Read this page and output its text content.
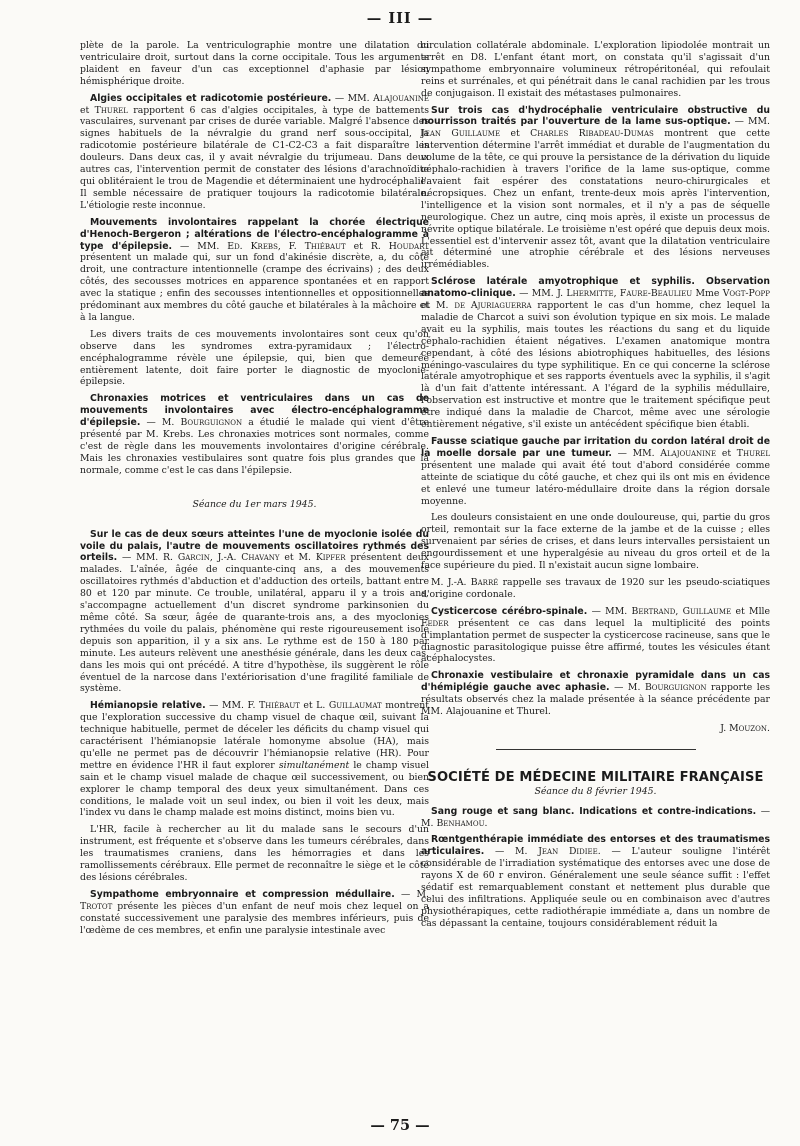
— III —

plète de la parole. La ventriculographie montre une dilatation du ventriculaire droit, surtout dans la corne occipitale. Tous les arguments plaident en faveur d'un cas exceptionnel d'aphasie par lésion hémisphérique droite.

Algies occipitales et radicotomie postérieure. — MM. Alajouanine et Thurel rapportent 6 cas d'algies occipitales, à type de battements vasculaires, survenant par crises de durée variable. Malgré l'absence des signes habituels de la névralgie du grand nerf sous-occipital, la radicotomie postérieure bilatérale de C1-C2-C3 a fait disparaître les douleurs. Dans deux cas, il y avait névralgie du trijumeau. Dans deux autres cas, l'intervention permit de constater des lésions d'arachnoïdite qui oblitéraient le trou de Magendie et déterminaient une hydrocéphalie. Il semble nécessaire de pratiquer toujours la radicotomie bilatérale. L'étiologie reste inconnue.

Mouvements involontaires rappelant la chorée électrique d'Henoch-Bergeron ; altérations de l'électro-encéphalogramme à type d'épilepsie. — MM. Ed. Krebs, F. Thiébaut et R. Houdart présentent un malade qui, sur un fond d'akinésie discrète, a, du côté droit, une contracture intentionnelle (crampe des écrivains) ; des deux côtés, des secousses motrices en apparence spontanées et en rapport avec la statique ; enfin des secousses intentionnelles et oppositionnelles prédominant aux membres du côté gauche et bilatérales à la mâchoire et à la langue.

Les divers traits de ces mouvements involontaires sont ceux qu'on observe dans les syndromes extra-pyramidaux ; l'électro-encéphalogramme révèle une épilepsie, qui, bien que demeurée entièrement latente, doit faire porter le diagnostic de myoclonie-épilepsie.

Chronaxies motrices et ventriculaires dans un cas de mouvements involontaires avec électro-encéphalogramme d'épilepsie. — M. Bourguignon a étudié le malade qui vient d'être présenté par M. Krebs. Les chronaxies motrices sont normales, comme c'est de règle dans les mouvements involontaires d'origine cérébrale. Mais les chronaxies vestibulaires sont quatre fois plus grandes que la normale, comme c'est le cas dans l'épilepsie.

Séance du 1er mars 1945.

Sur le cas de deux sœurs atteintes l'une de myoclonie isolée du voile du palais, l'autre de mouvements oscillatoires rythmés des orteils. — MM. R. Garcin, J.-A. Chavany et M. Kipfer présentent deux malades. L'aînée, âgée de cinquante-cinq ans, a des mouvements oscillatoires rythmés d'abduction et d'adduction des orteils, battant entre 80 et 120 par minute. Ce trouble, unilatéral, apparu il y a trois ans, s'accompagne actuellement d'un discret syndrome parkinsonien du même côté. Sa sœur, âgée de quarante-trois ans, a des myoclonies rythmées du voile du palais, phénomène qui reste rigoureusement isolé depuis son apparition, il y a six ans. Le rythme est de 150 à 180 par minute. Les auteurs relèvent une anesthésie générale, dans les deux cas, dans les mois qui ont précédé. A titre d'hypothèse, ils suggèrent le rôle éventuel de la narcose dans l'extériorisation d'une fragilité familiale de système.

Hémianopsie relative. — MM. F. Thiébaut et L. Guillaumat montrent que l'exploration successive du champ visuel de chaque œil, suivant la technique habituelle, permet de déceler les déficits du champ visuel qui caractérisent l'hémianopsie latérale homonyme absolue (HA), mais qu'elle ne permet pas de découvrir l'hémianopsie relative (HR). Pour mettre en évidence l'HR il faut explorer simultanément le champ visuel sain et le champ visuel malade de chaque œil successivement, ou bien explorer le champ temporal des deux yeux simultanément. Dans ces conditions, le malade voit un seul index, ou bien il voit les deux, mais l'index vu dans le champ malade est moins distinct, moins bien vu.

L'HR, facile à rechercher au lit du malade sans le secours d'un instrument, est fréquente et s'observe dans les tumeurs cérébrales, dans les traumatismes craniens, dans les hémorragies et dans les ramollissements cérébraux. Elle permet de reconnaître le siège et le côté des lésions cérébrales.

Sympathome embryonnaire et compression médullaire. — M. Trotot présente les pièces d'un enfant de neuf mois chez lequel on a constaté successivement une paralysie des membres inférieurs, puis de l'œdème de ces membres, et enfin une paralysie intestinale avec

circulation collatérale abdominale. L'exploration lipiodolée montrait un arrêt en D8. L'enfant étant mort, on constata qu'il s'agissait d'un sympathome embryonnaire volumineux rétropéritonéal, qui refoulait reins et surrénales, et qui pénétrait dans le canal rachidien par les trous de conjugaison. Il existait des métastases pulmonaires.

Sur trois cas d'hydrocéphalie ventriculaire obstructive du nourrisson traités par l'ouverture de la lame sus-optique. — MM. Jean Guillaume et Charles Ribadeau-Dumas montrent que cette intervention détermine l'arrêt immédiat et durable de l'augmentation du volume de la tête, ce qui prouve la persistance de la dérivation du liquide céphalo-rachidien à travers l'orifice de la lame sus-optique, comme l'avaient fait espérer des constatations neuro-chirurgicales et nécropsiques. Chez un enfant, trente-deux mois après l'intervention, l'intelligence et la vision sont normales, et il n'y a pas de séquelle neurologique. Chez un autre, cinq mois après, il existe un processus de névrite optique bilatérale. Le troisième n'est opéré que depuis deux mois. L'essentiel est d'intervenir assez tôt, avant que la dilatation ventriculaire ait déterminé une atrophie cérébrale et des lésions nerveuses irrémédiables.

Sclérose latérale amyotrophique et syphilis. Observation anatomo-clinique. — MM. J. Lhermitte, Faure-Beaulieu Mme Vogt-Popp et M. de Ajuriaguerra rapportent le cas d'un homme, chez lequel la maladie de Charcot a suivi son évolution typique en six mois. Le malade avait eu la syphilis, mais toutes les réactions du sang et du liquide céphalo-rachidien étaient négatives. L'examen anatomique montra cependant, à côté des lésions abiotrophiques habituelles, des lésions méningo-vasculaires du type syphilitique. En ce qui concerne la sclérose latérale amyotrophique et ses rapports éventuels avec la syphilis, il s'agit là d'un fait d'attente intéressant. A l'égard de la syphilis médullaire, l'observation est instructive et montre que le traitement spécifique peut être indiqué dans la maladie de Charcot, même avec une sérologie entièrement négative, s'il existe un antécédent spécifique bien établi.

Fausse sciatique gauche par irritation du cordon latéral droit de la moelle dorsale par une tumeur. — MM. Alajouanine et Thurel présentent une malade qui avait été tout d'abord considérée comme atteinte de sciatique du côté gauche, et chez qui ils ont mis en évidence et enlevé une tumeur latéro-médullaire droite dans la région dorsale moyenne.

Les douleurs consistaient en une onde douloureuse, qui, partie du gros orteil, remontait sur la face externe de la jambe et de la cuisse ; elles survenaient par séries de crises, et dans leurs intervalles persistaient un engourdissement et une hyperalgésie au niveau du gros orteil et de la face supérieure du pied. Il n'existait aucun signe lombaire.

M. J.-A. Barré rappelle ses travaux de 1920 sur les pseudo-sciatiques d'origine cordonale.

Cysticercose cérébro-spinale. — MM. Bertrand, Guillaume et Mlle Feder présentent ce cas dans lequel la multiplicité des points d'implantation permet de suspecter la cysticercose racineuse, sans que le diagnostic parasitologique puisse être affirmé, toutes les vésicules étant acéphalocystes.

Chronaxie vestibulaire et chronaxie pyramidale dans un cas d'hémiplégie gauche avec aphasie. — M. Bourguignon rapporte les résultats observés chez la malade présentée à la séance précédente par MM. Alajouanine et Thurel.

J. Mouzon.

SOCIÉTÉ DE MÉDECINE MILITAIRE FRANÇAISE

Séance du 8 février 1945.

Sang rouge et sang blanc. Indications et contre-indications. — M. Benhamou.

Rœntgenthérapie immédiate des entorses et des traumatismes articulaires. — M. Jean Didiee. — L'auteur souligne l'intérêt considérable de l'irradiation systématique des entorses avec une dose de rayons X de 60 r environ. Généralement une seule séance suffit : l'effet sédatif est remarquablement constant et nettement plus durable que celui des infiltrations. Appliquée seule ou en combinaison avec d'autres physiothérapiques, cette radiothérapie immédiate a, dans un nombre de cas dépassant la centaine, toujours considérablement réduit la

— 75 —
